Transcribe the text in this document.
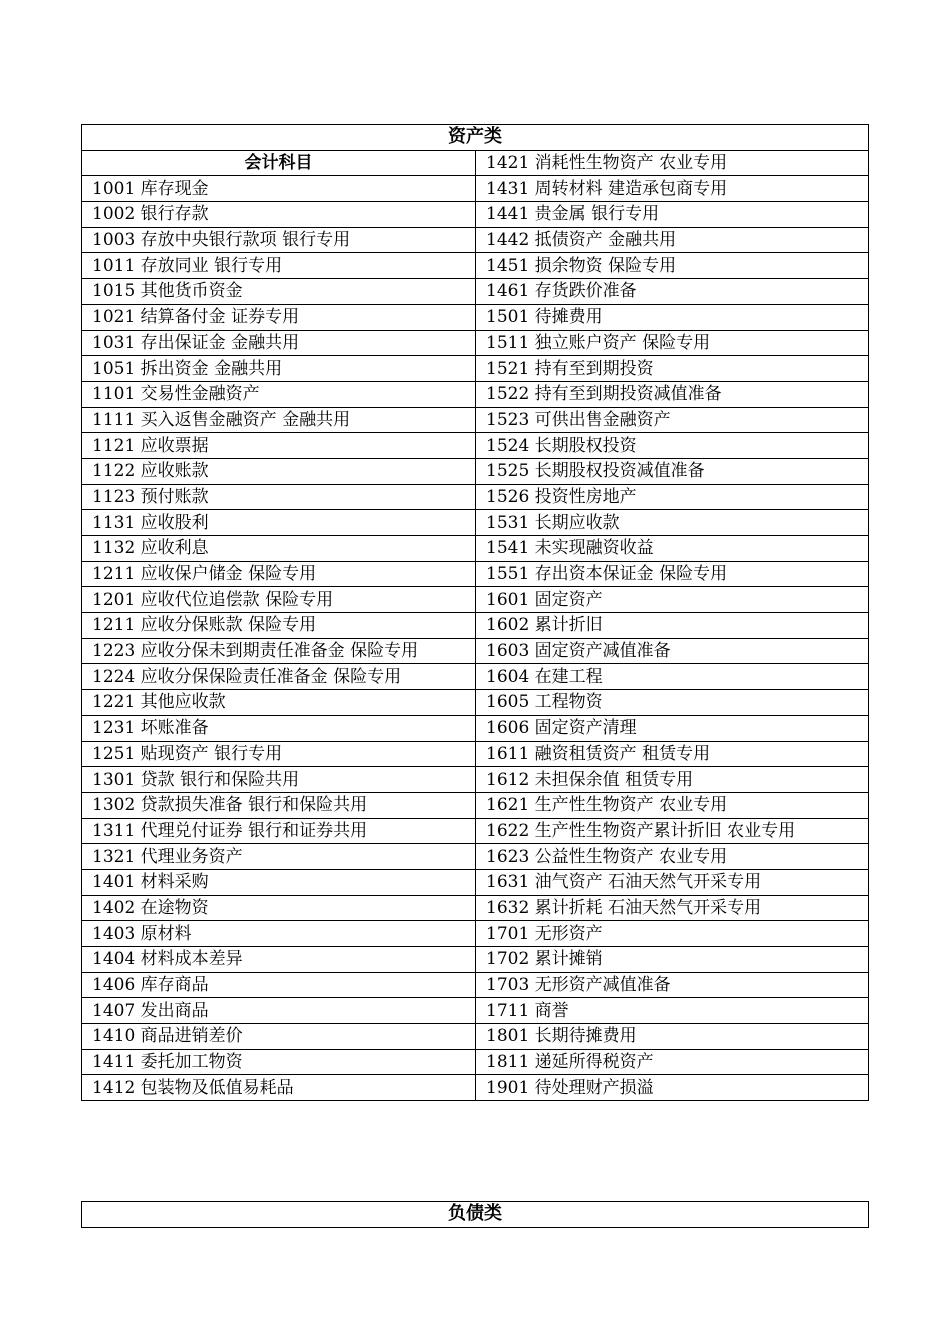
资产类	
会计科目	1421 消耗性生物资产 农业专用
1001 库存现金	1431 周转材料 建造承包商专用
1002 银行存款	1441 贵金属 银行专用
1003 存放中央银行款项 银行专用	1442 抵债资产 金融共用
1011 存放同业 银行专用	1451 损余物资 保险专用
1015 其他货币资金	1461 存货跌价准备
1021 结算备付金 证券专用	1501 待摊费用
1031 存出保证金 金融共用	1511 独立账户资产 保险专用
1051 拆出资金 金融共用	1521 持有至到期投资
1101 交易性金融资产	1522 持有至到期投资减值准备
1111 买入返售金融资产 金融共用	1523 可供出售金融资产
1121 应收票据	1524 长期股权投资
1122 应收账款	1525 长期股权投资减值准备
1123 预付账款	1526 投资性房地产
1131 应收股利	1531 长期应收款
1132 应收利息	1541 未实现融资收益
1211 应收保户储金 保险专用	1551 存出资本保证金 保险专用
1201 应收代位追偿款 保险专用	1601 固定资产
1211 应收分保账款 保险专用	1602 累计折旧
1223 应收分保未到期责任准备金 保险专用	1603 固定资产减值准备
1224 应收分保保险责任准备金 保险专用	1604 在建工程
1221 其他应收款	1605 工程物资
1231 坏账准备	1606 固定资产清理
1251 贴现资产 银行专用	1611 融资租赁资产 租赁专用
1301 贷款 银行和保险共用	1612 未担保余值 租赁专用
1302 贷款损失准备 银行和保险共用	1621 生产性生物资产 农业专用
1311 代理兑付证券 银行和证券共用	1622 生产性生物资产累计折旧 农业专用
1321 代理业务资产	1623 公益性生物资产 农业专用
1401 材料采购	1631 油气资产 石油天然气开采专用
1402 在途物资	1632 累计折耗 石油天然气开采专用
1403 原材料	1701 无形资产
1404 材料成本差异	1702 累计摊销
1406 库存商品	1703 无形资产减值准备
1407 发出商品	1711 商誉
1410 商品进销差价	1801 长期待摊费用
1411 委托加工物资	1811 递延所得税资产
1412 包装物及低值易耗品	1901 待处理财产损溢
负债类
